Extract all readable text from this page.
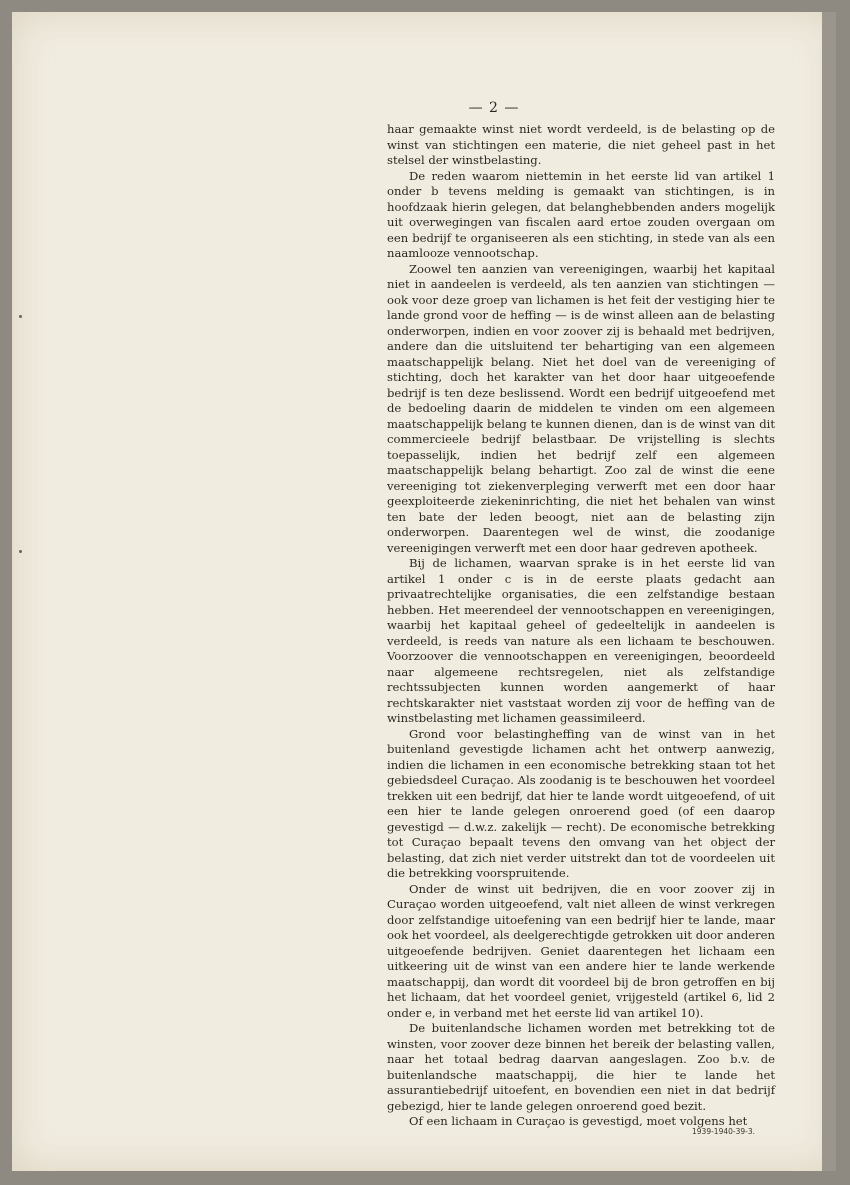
— 2 —

haar gemaakte winst niet wordt verdeeld, is de belasting op de winst van stichtingen een materie, die niet geheel past in het stelsel der winstbelasting.

De reden waarom niettemin in het eerste lid van artikel 1 onder b tevens melding is gemaakt van stichtingen, is in hoofdzaak hierin gelegen, dat belanghebbenden anders mogelijk uit overwegingen van fiscalen aard ertoe zouden overgaan om een bedrijf te organiseeren als een stichting, in stede van als een naamlooze vennootschap.

Zoowel ten aanzien van vereenigingen, waarbij het kapitaal niet in aandeelen is verdeeld, als ten aanzien van stichtingen — ook voor deze groep van lichamen is het feit der vestiging hier te lande grond voor de heffing — is de winst alleen aan de belasting onderworpen, indien en voor zoover zij is behaald met bedrijven, andere dan die uitsluitend ter behartiging van een algemeen maatschappelijk belang. Niet het doel van de vereeniging of stichting, doch het karakter van het door haar uitgeoefende bedrijf is ten deze beslissend. Wordt een bedrijf uitgeoefend met de bedoeling daarin de middelen te vinden om een algemeen maatschappelijk belang te kunnen dienen, dan is de winst van dit commercieele bedrijf belastbaar. De vrijstelling is slechts toepasselijk, indien het bedrijf zelf een algemeen maatschappelijk belang behartigt. Zoo zal de winst die eene vereeniging tot ziekenverpleging verwerft met een door haar geexploiteerde ziekeninrichting, die niet het behalen van winst ten bate der leden beoogt, niet aan de belasting zijn onderworpen. Daarentegen wel de winst, die zoodanige vereenigingen verwerft met een door haar gedreven apotheek.

Bij de lichamen, waarvan sprake is in het eerste lid van artikel 1 onder c is in de eerste plaats gedacht aan privaatrechtelijke organisaties, die een zelfstandige bestaan hebben. Het meerendeel der vennootschappen en vereenigingen, waarbij het kapitaal geheel of gedeeltelijk in aandeelen is verdeeld, is reeds van nature als een lichaam te beschouwen. Voorzoover die vennootschappen en vereenigingen, beoordeeld naar algemeene rechtsregelen, niet als zelfstandige rechtssubjecten kunnen worden aangemerkt of haar rechtskarakter niet vaststaat worden zij voor de heffing van de winstbelasting met lichamen geassimileerd.

Grond voor belastingheffing van de winst van in het buitenland gevestigde lichamen acht het ontwerp aanwezig, indien die lichamen in een economische betrekking staan tot het gebiedsdeel Curaçao. Als zoodanig is te beschouwen het voordeel trekken uit een bedrijf, dat hier te lande wordt uitgeoefend, of uit een hier te lande gelegen onroerend goed (of een daarop gevestigd — d.w.z. zakelijk — recht). De economische betrekking tot Curaçao bepaalt tevens den omvang van het object der belasting, dat zich niet verder uitstrekt dan tot de voordeelen uit die betrekking voorspruitende.

Onder de winst uit bedrijven, die en voor zoover zij in Curaçao worden uitgeoefend, valt niet alleen de winst verkregen door zelfstandige uitoefening van een bedrijf hier te lande, maar ook het voordeel, als deelgerechtigde getrokken uit door anderen uitgeoefende bedrijven. Geniet daarentegen het lichaam een uitkeering uit de winst van een andere hier te lande werkende maatschappij, dan wordt dit voordeel bij de bron getroffen en bij het lichaam, dat het voordeel geniet, vrijgesteld (artikel 6, lid 2 onder e, in verband met het eerste lid van artikel 10).

De buitenlandsche lichamen worden met betrekking tot de winsten, voor zoover deze binnen het bereik der belasting vallen, naar het totaal bedrag daarvan aangeslagen. Zoo b.v. de buitenlandsche maatschappij, die hier te lande het assurantiebedrijf uitoefent, en bovendien een niet in dat bedrijf gebezigd, hier te lande gelegen onroerend goed bezit.

Of een lichaam in Curaçao is gevestigd, moet volgens het

1939-1940-39-3.
